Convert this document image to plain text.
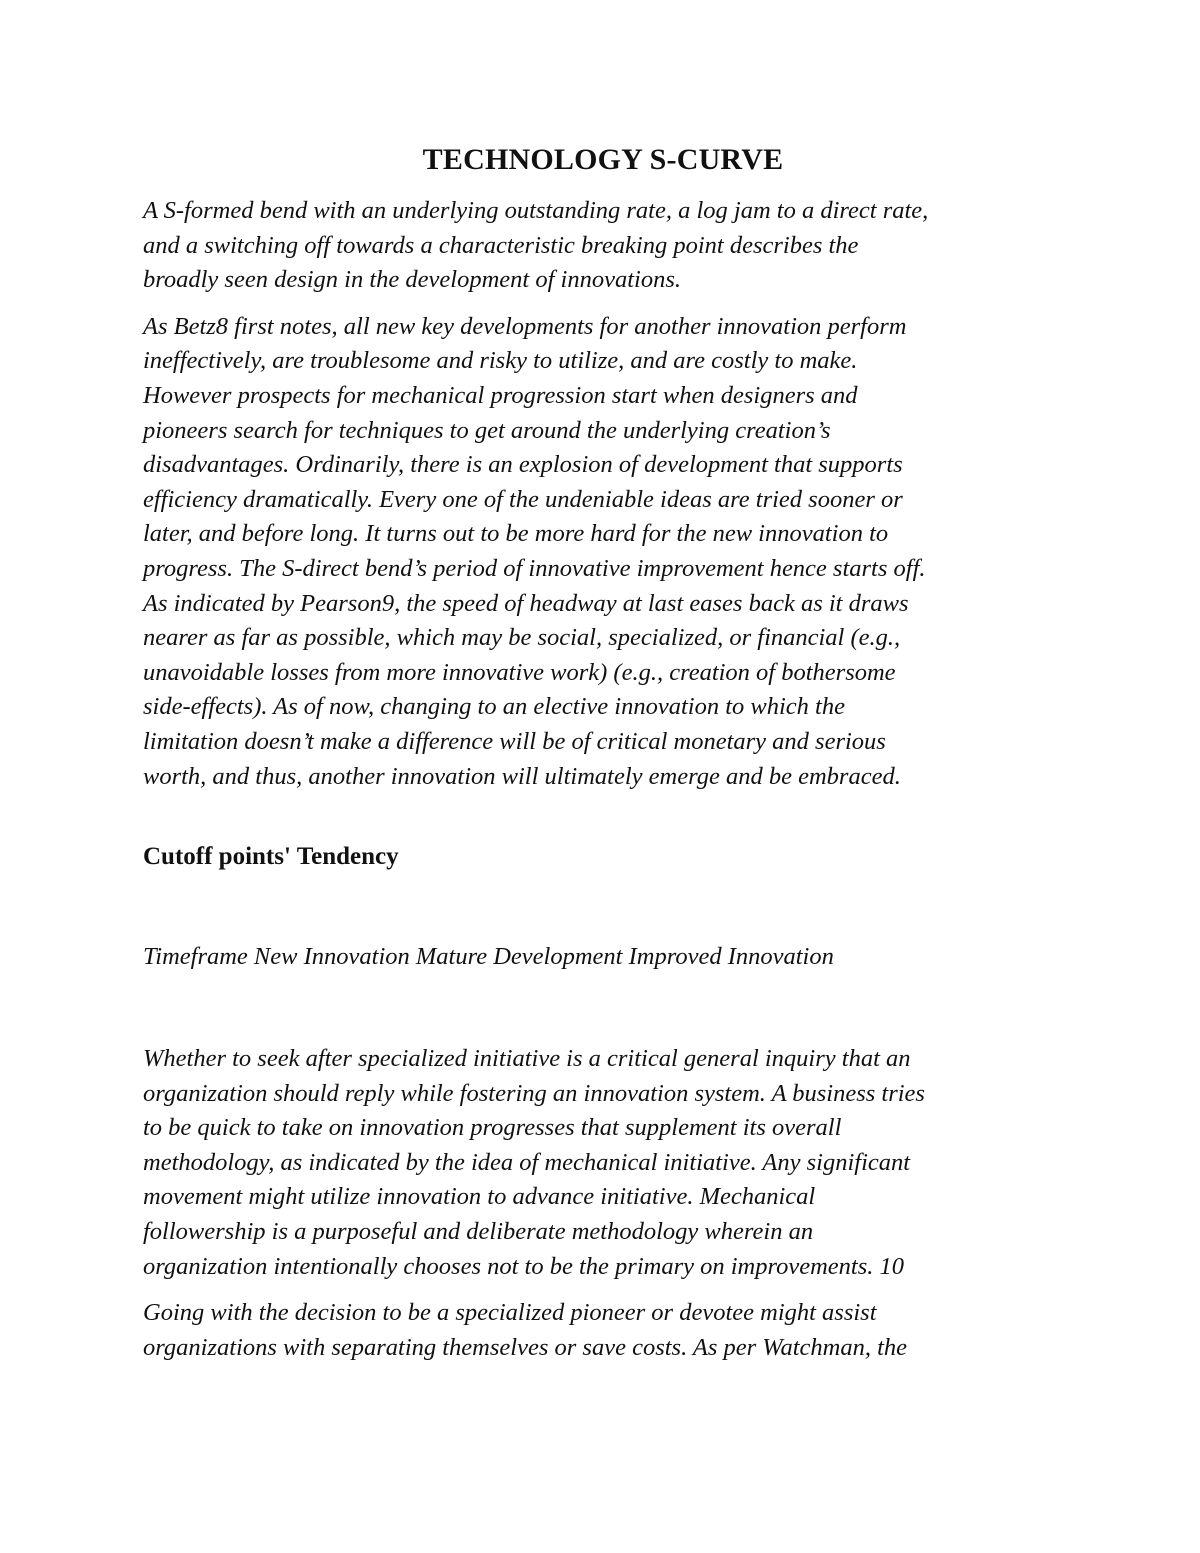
TECHNOLOGY S-CURVE

A S-formed bend with an underlying outstanding rate, a log jam to a direct rate,
and a switching off towards a characteristic breaking point describes the
broadly seen design in the development of innovations.

As Betz8 first notes, all new key developments for another innovation perform
ineffectively, are troublesome and risky to utilize, and are costly to make.
However prospects for mechanical progression start when designers and
pioneers search for techniques to get around the underlying creation’s
disadvantages. Ordinarily, there is an explosion of development that supports
efficiency dramatically. Every one of the undeniable ideas are tried sooner or
later, and before long. It turns out to be more hard for the new innovation to
progress. The S-direct bend’s period of innovative improvement hence starts off.
As indicated by Pearson9, the speed of headway at last eases back as it draws
nearer as far as possible, which may be social, specialized, or financial (e.g.,
unavoidable losses from more innovative work) (e.g., creation of bothersome
side-effects). As of now, changing to an elective innovation to which the
limitation doesn’t make a difference will be of critical monetary and serious
worth, and thus, another innovation will ultimately emerge and be embraced.

Cutoff points' Tendency

Timeframe New Innovation Mature Development Improved Innovation

Whether to seek after specialized initiative is a critical general inquiry that an
organization should reply while fostering an innovation system. A business tries
to be quick to take on innovation progresses that supplement its overall
methodology, as indicated by the idea of mechanical initiative. Any significant
movement might utilize innovation to advance initiative. Mechanical
followership is a purposeful and deliberate methodology wherein an
organization intentionally chooses not to be the primary on improvements. 10

Going with the decision to be a specialized pioneer or devotee might assist
organizations with separating themselves or save costs. As per Watchman, the
